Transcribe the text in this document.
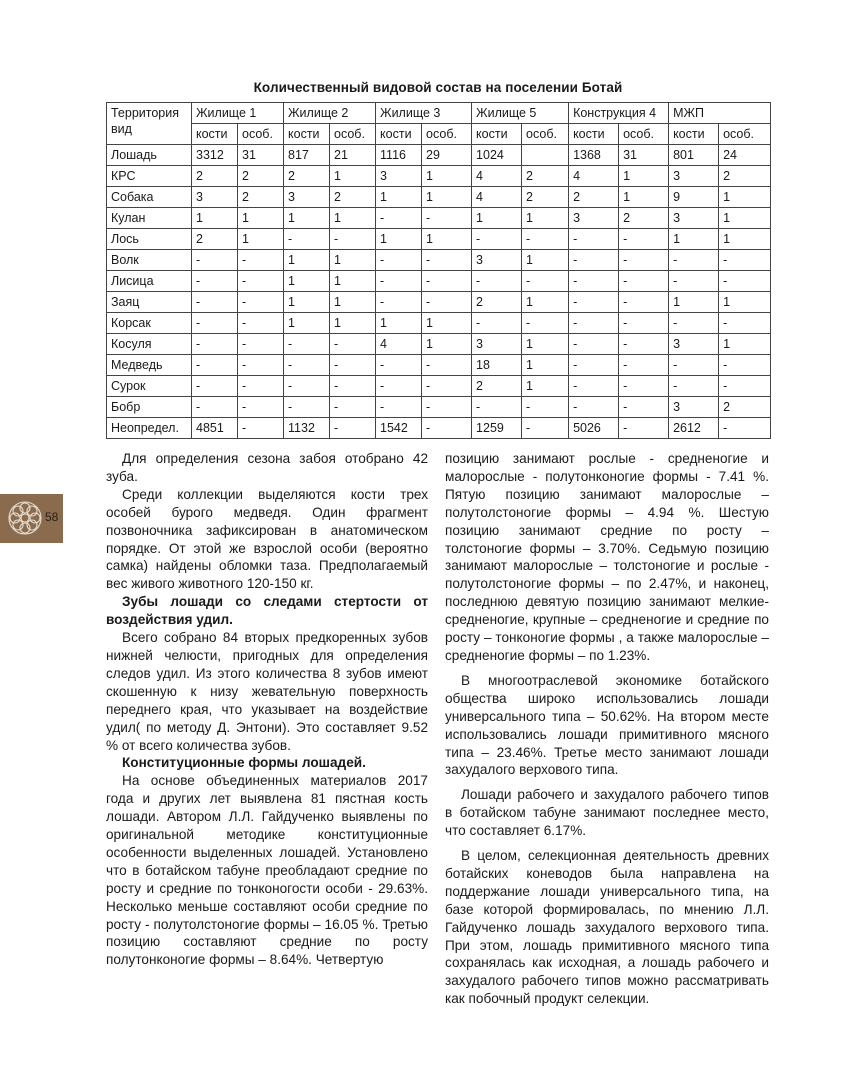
Количественный видовой состав на поселении Ботай
Территория
вид	Жилище 1		Жилище 2		Жилище 3		Жилище 5		Конструкция 4		МЖП	
	кости	особ.	кости	особ.	кости	особ.	кости	особ.	кости	особ.	кости	особ.
Лошадь	3312	31	817	21	1116	29	1024		1368	31	801	24
КРС	2	2	2	1	3	1	4	2	4	1	3	2
Собака	3	2	3	2	1	1	4	2	2	1	9	1
Кулан	1	1	1	1	-	-	1	1	3	2	3	1
Лось	2	1	-	-	1	1	-	-	-	-	1	1
Волк	-	-	1	1	-	-	3	1	-	-	-	-
Лисица	-	-	1	1	-	-	-	-	-	-	-	-
Заяц	-	-	1	1	-	-	2	1	-	-	1	1
Корсак	-	-	1	1	1	1	-	-	-	-	-	-
Косуля	-	-	-	-	4	1	3	1	-	-	3	1
Медведь	-	-	-	-	-	-	18	1	-	-	-	-
Сурок	-	-	-	-	-	-	2	1	-	-	-	-
Бобр	-	-	-	-	-	-	-	-	-	-	3	2
Неопредел.	4851	-	1132	-	1542	-	1259	-	5026	-	2612	-
58

Для определения сезона забоя отобрано 42 зуба.

Среди коллекции выделяются кости трех особей бурого медведя. Один фрагмент позвоночника зафиксирован в анатомическом порядке. От этой же взрослой особи (вероятно самка) найдены обломки таза. Предполагаемый вес живого животного 120-150 кг.

Зубы лошади со следами стертости от воздействия удил.

Всего собрано 84 вторых предкоренных зубов нижней челюсти, пригодных для определения следов удил. Из этого количества 8 зубов имеют скошенную к низу жевательную поверхность переднего края, что указывает на воздействие удил( по методу Д. Энтони). Это составляет 9.52 % от всего количества зубов.

Конституционные формы лошадей.

На основе объединенных материалов 2017 года и других лет выявлена 81 пястная кость лошади. Автором Л.Л. Гайдученко выявлены по оригинальной методике конституционные особенности выделенных лошадей. Установлено что в ботайском табуне преобладают средние по росту и средние по тонконогости особи - 29.63%. Несколько меньше составляют особи средние по росту - полутолстоногие формы – 16.05 %. Третью позицию составляют средние по росту полутонконогие формы – 8.64%. Четвертую

позицию занимают рослые - средненогие и малорослые - полутонконогие формы - 7.41 %. Пятую позицию занимают малорослые – полутолстоногие формы – 4.94 %. Шестую позицию занимают средние по росту – толстоногие формы – 3.70%. Седьмую позицию занимают малорослые – толстоногие и рослые - полутолстоногие формы – по 2.47%, и наконец, последнюю девятую позицию занимают мелкие-средненогие, крупные – средненогие и средние по росту – тонконогие формы , а также малорослые – средненогие формы – по 1.23%.

В многоотраслевой экономике ботайского общества широко использовались лошади универсального типа – 50.62%. На втором месте использовались лошади примитивного мясного типа – 23.46%. Третье место занимают лошади захудалого верхового типа.

Лошади рабочего и захудалого рабочего типов в ботайском табуне занимают последнее место, что составляет 6.17%.

В целом, селекционная деятельность древних ботайских коневодов была направлена на поддержание лошади универсального типа, на базе которой формировалась, по мнению Л.Л. Гайдученко лошадь захудалого верхового типа. При этом, лошадь примитивного мясного типа сохранялась как исходная, а лошадь рабочего и захудалого рабочего типов можно рассматривать как побочный продукт селекции.
